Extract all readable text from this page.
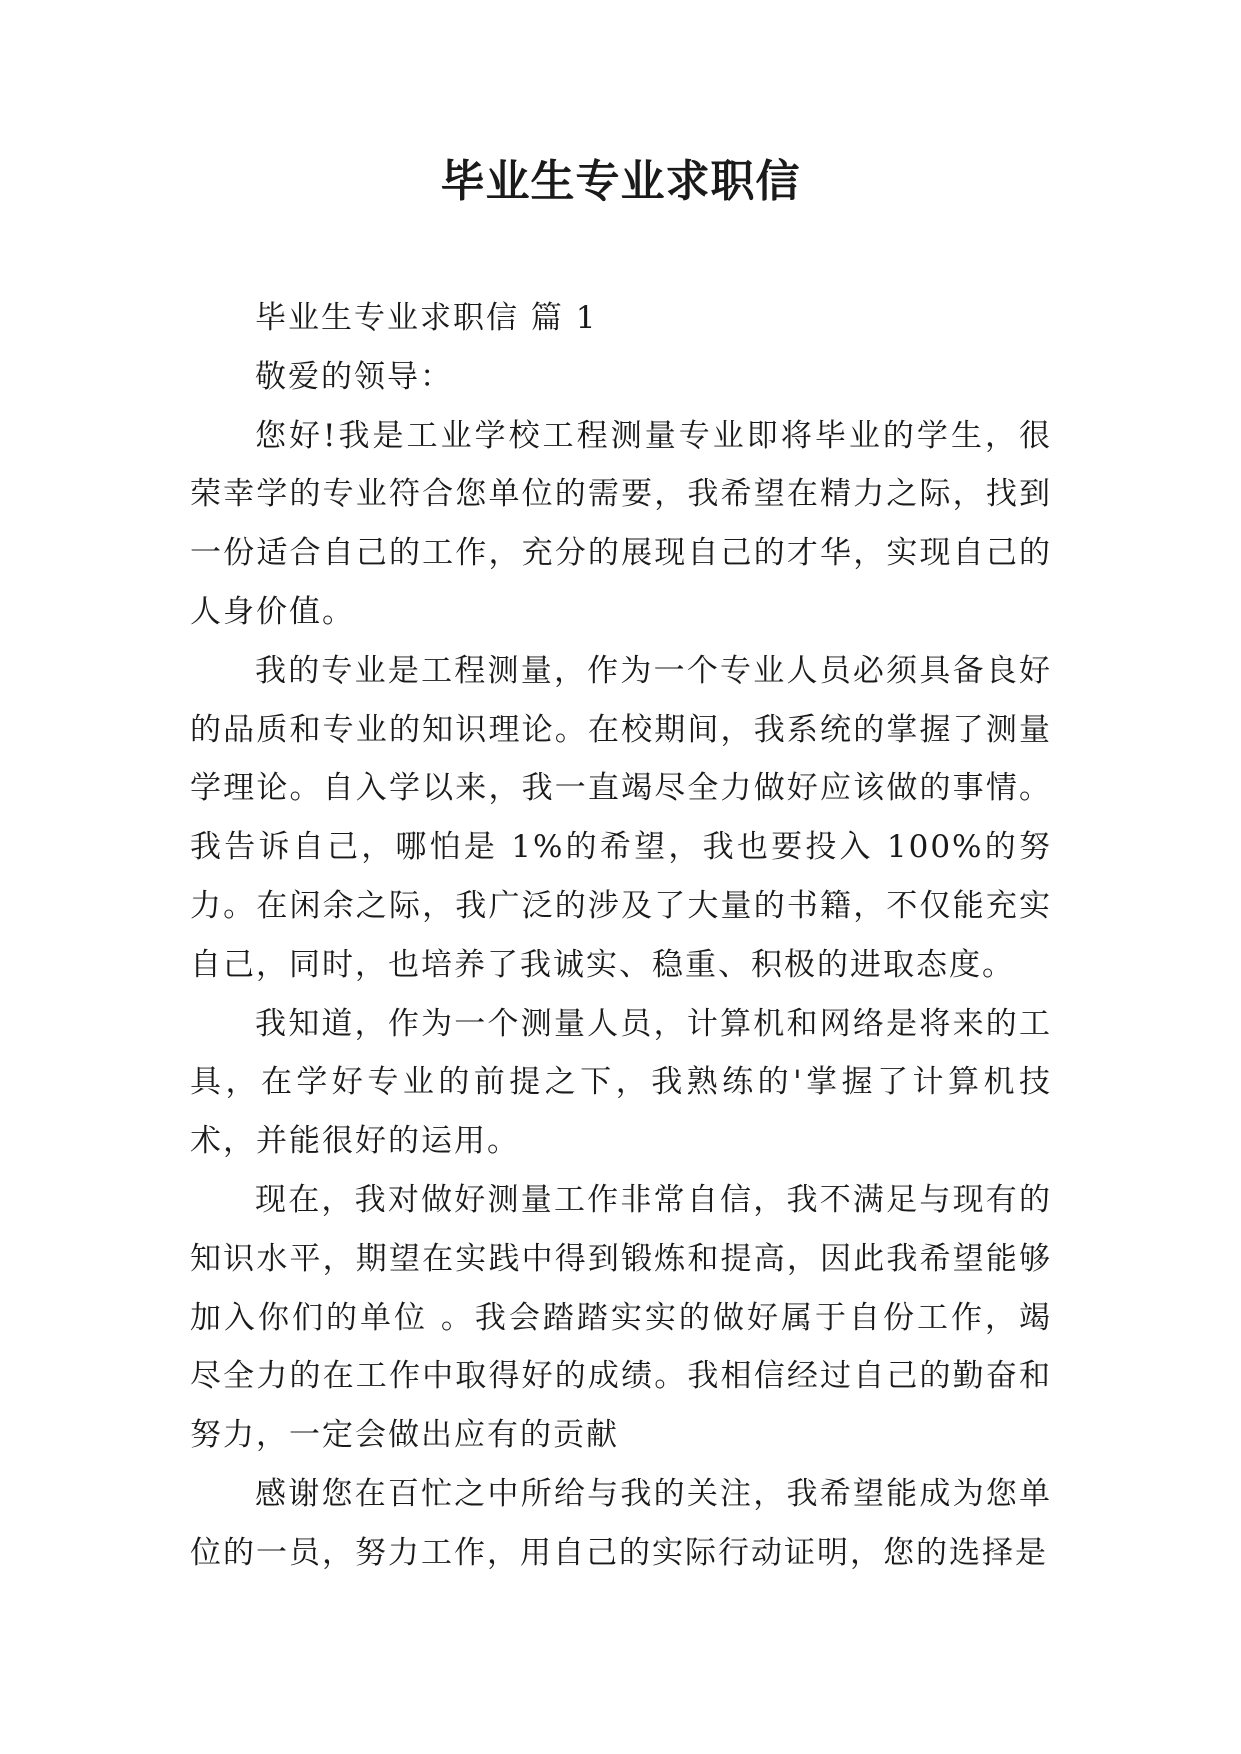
毕业生专业求职信

毕业生专业求职信 篇 1

敬爱的领导：

您好!我是工业学校工程测量专业即将毕业的学生，很荣幸学的专业符合您单位的需要，我希望在精力之际，找到一份适合自己的工作，充分的展现自己的才华，实现自己的人身价值。

我的专业是工程测量，作为一个专业人员必须具备良好的品质和专业的知识理论。在校期间，我系统的掌握了测量学理论。自入学以来，我一直竭尽全力做好应该做的事情。我告诉自己，哪怕是 1%的希望，我也要投入 100%的努力。在闲余之际，我广泛的涉及了大量的书籍，不仅能充实自己，同时，也培养了我诚实、稳重、积极的进取态度。

我知道，作为一个测量人员，计算机和网络是将来的工具，在学好专业的前提之下，我熟练的'掌握了计算机技术，并能很好的运用。

现在，我对做好测量工作非常自信，我不满足与现有的知识水平，期望在实践中得到锻炼和提高，因此我希望能够加入你们的单位 。我会踏踏实实的做好属于自份工作，竭尽全力的在工作中取得好的成绩。我相信经过自己的勤奋和努力，一定会做出应有的贡献

感谢您在百忙之中所给与我的关注，我希望能成为您单位的一员，努力工作，用自己的实际行动证明，您的选择是
